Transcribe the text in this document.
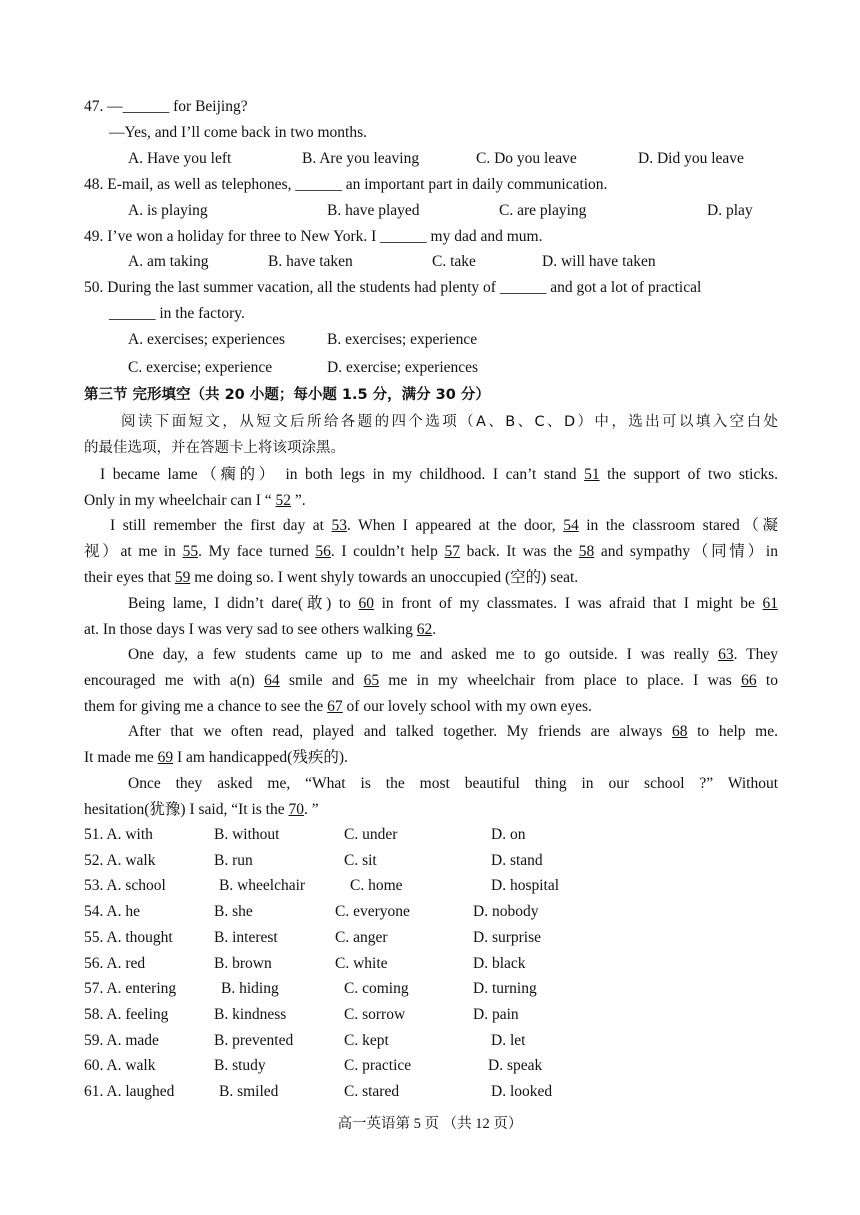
47. —______ for Beijing?
—Yes, and I’ll come back in two months.
A. Have you left	B. Are you leaving	C. Do you leave	D. Did you leave
48. E-mail, as well as telephones, ______ an important part in daily communication.
A. is playing	B. have played	C. are playing	D. play
49. I’ve won a holiday for three to New York. I ______ my dad and mum.
A. am taking	B. have taken	C. take	D. will have taken
50. During the last summer vacation, all the students had plenty of ______ and got a lot of practical
______ in the factory.
A. exercises; experiences	B. exercises; experience
C. exercise; experience	D. exercise; experiences
第三节 完形填空（共 20 小题；每小题 1.5 分，满分 30 分）
阅读下面短文，从短文后所给各题的四个选项（A、B、C、D）中，选出可以填入空白处
的最佳选项，并在答题卡上将该项涂黑。
I became lame（瘸的） in both legs in my childhood. I can’t stand 51 the support of two sticks.
Only in my wheelchair can I “ 52 ”.
I still remember the first day at 53. When I appeared at the door, 54 in the classroom stared（凝
视）at me in 55. My face turned 56. I couldn’t help 57 back. It was the 58 and sympathy（同情）in
their eyes that 59 me doing so. I went shyly towards an unoccupied (空的) seat.
Being lame, I didn’t dare(敢) to 60 in front of my classmates. I was afraid that I might be 61
at. In those days I was very sad to see others walking 62.
One day, a few students came up to me and asked me to go outside. I was really 63. They
encouraged me with a(n) 64 smile and 65 me in my wheelchair from place to place. I was 66 to
them for giving me a chance to see the 67 of our lovely school with my own eyes.
After that we often read, played and talked together. My friends are always 68 to help me.
It made me 69 I am handicapped(残疾的).
Once they asked me, “What is the most beautiful thing in our school ?” Without
hesitation(犹豫) I said, “It is the 70. ”
51. A. with	B. without	C. under	D. on
52. A. walk	B. run	C. sit	D. stand
53. A. school	B. wheelchair	C. home	D. hospital
54. A. he	B. she	C. everyone	D. nobody
55. A. thought	B. interest	C. anger	D. surprise
56. A. red	B. brown	C. white	D. black
57. A. entering	B. hiding	C. coming	D. turning
58. A. feeling	B. kindness	C. sorrow	D. pain
59. A. made	B. prevented	C. kept	D. let
60. A. walk	B. study	C. practice	D. speak
61. A. laughed	B. smiled	C. stared	D. looked
高一英语第 5 页 （共 12 页）
